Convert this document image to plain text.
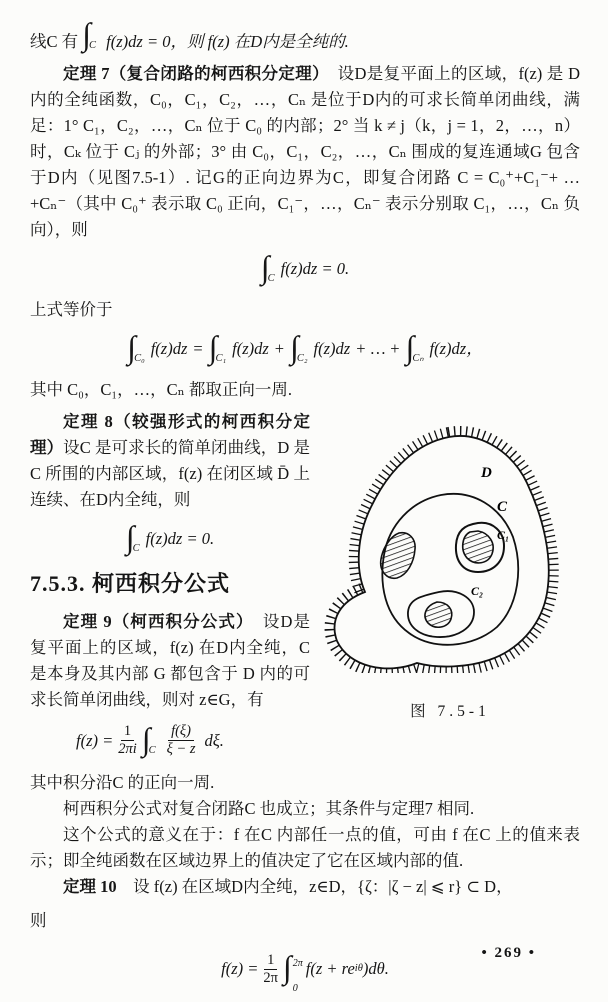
线C 有 ∫
C f(z)dz = 0，则 f(z) 在D内是全纯的.

定理 7（复合闭路的柯西积分定理）　设D是复平面上的区域，f(z) 是 D 内的全纯函数，C₀，C₁，C₂，…，Cₙ 是位于D内的可求长简单闭曲线，满足：1° C₁，C₂，…，Cₙ 位于 C₀ 的内部；2° 当 k ≠ j（k，j = 1，2，…，n）时，Cₖ 位于 Cⱼ 的外部；3° 由 C₀，C₁，C₂，…，Cₙ 围成的复连通域G 包含于D内（见图7.5-1）. 记G的正向边界为C，即复合闭路 C = C₀⁺+C₁⁻+ … +Cₙ⁻（其中 C₀⁺ 表示取 C₀ 正向，C₁⁻，…，Cₙ⁻ 表示分别取 C₁，…，Cₙ 负向），则

∫
C
f(z)dz = 0.

上式等价于

∫
C₀
f(z)dz = ∫
C₁
f(z)dz + ∫
C₂
f(z)dz + … + ∫
Cₙ
f(z)dz，

其中 C₀，C₁，…，Cₙ 都取正向一周.

D
C
C₁
C₂
图 7.5-1

定理 8（较强形式的柯西积分定理）设C 是可求长的简单闭曲线，D 是 C 所围的内部区域，f(z) 在闭区域 D̄ 上连续、在D内全纯，则

∫
C
f(z)dz = 0.
7.5.3. 柯西积分公式

定理 9（柯西积分公式）　设D是复平面上的区域，f(z) 在D内全纯，C 是本身及其内部 G 都包含于 D 内的可求长简单闭曲线，则对 z∈G，有

$f(z) = \frac{1}{2\pi i}$ ∫
C $\frac{f(\xi)}{\xi - z} d\xi$.

其中积分沿C 的正向一周.

柯西积分公式对复合闭路C 也成立；其条件与定理7 相同.

这个公式的意义在于：f 在C 内部任一点的值，可由 f 在C 上的值来表示；即全纯函数在区域边界上的值决定了它在区域内部的值.

定理 10　设 f(z) 在区域D内全纯，z∈D，{ζ：|ζ − z| ⩽ r} ⊂ D，

则

$f(z) = \frac{1}{2\pi}$ ∫ 2π
0
f(z + re iθ )dθ.
• 269 •
